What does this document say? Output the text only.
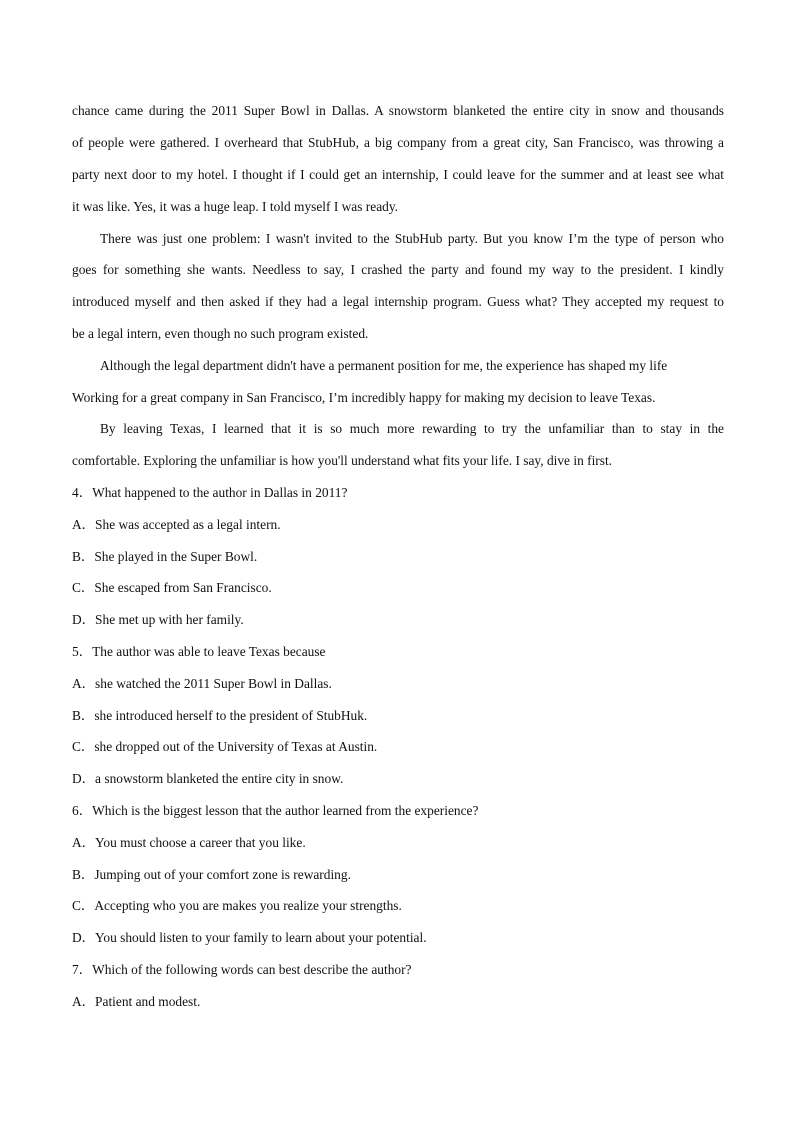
chance came during the 2011 Super Bowl in Dallas. A snowstorm blanketed the entire city in snow and thousands
of people were gathered. I overheard that StubHub, a big company from a great city, San Francisco, was throwing a
party next door to my hotel. I thought if I could get an internship, I could leave for the summer and at least see what
it was like. Yes, it was a huge leap. I told myself I was ready.
There was just one problem: I wasn't invited to the StubHub party. But you know I’m the type of person who
goes for something she wants. Needless to say, I crashed the party and found my way to the president. I kindly
introduced myself and then asked if they had a legal internship program. Guess what? They accepted my request to
be a legal intern, even though no such program existed.
Although the legal department didn't have a permanent position for me, the experience has shaped my life
Working for a great company in San Francisco, I’m incredibly happy for making my decision to leave Texas.
By leaving Texas, I learned that it is so much more rewarding to try the unfamiliar than to stay in the
comfortable. Exploring the unfamiliar is how you'll understand what fits your life. I say, dive in first.
4．What happened to the author in Dallas in 2011?
A．She was accepted as a legal intern.
B．She played in the Super Bowl.
C．She escaped from San Francisco.
D．She met up with her family.
5．The author was able to leave Texas because
A．she watched the 2011 Super Bowl in Dallas.
B．she introduced herself to the president of StubHuk.
C．she dropped out of the University of Texas at Austin.
D．a snowstorm blanketed the entire city in snow.
6．Which is the biggest lesson that the author learned from the experience?
A．You must choose a career that you like.
B．Jumping out of your comfort zone is rewarding.
C．Accepting who you are makes you realize your strengths.
D．You should listen to your family to learn about your potential.
7．Which of the following words can best describe the author?
A．Patient and modest.
